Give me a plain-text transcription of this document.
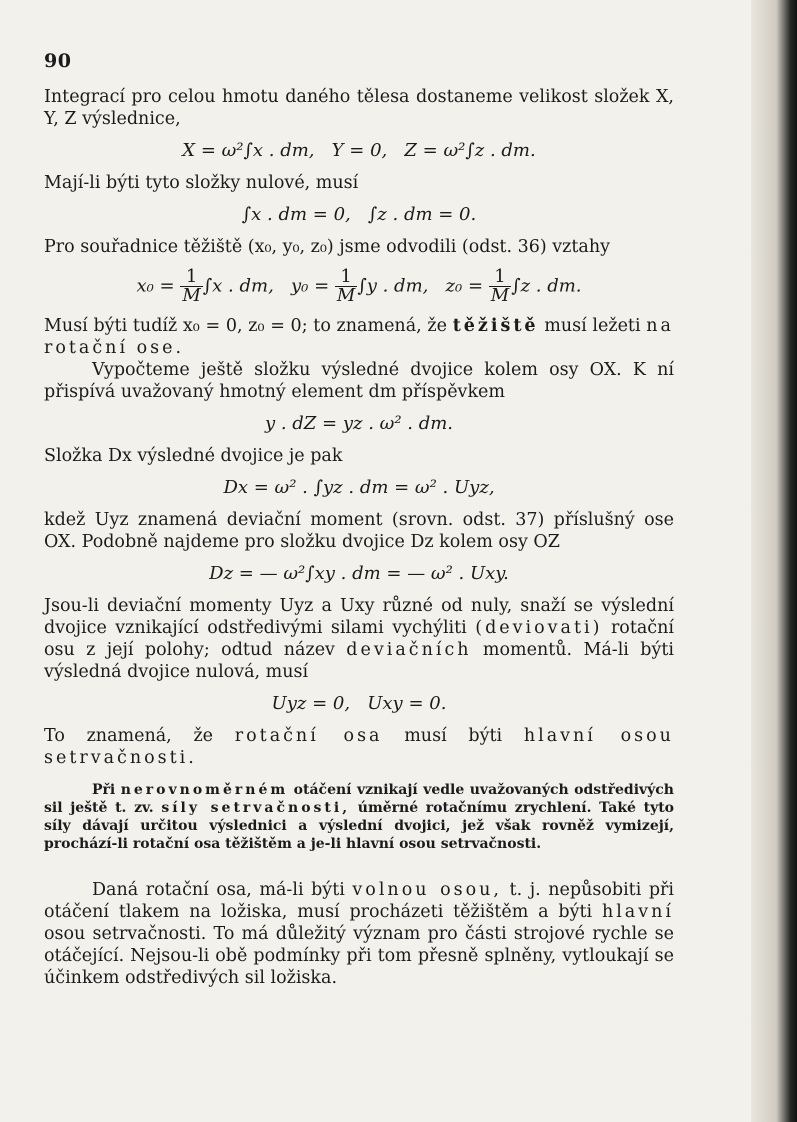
90

Integrací pro celou hmotu daného tělesa dostaneme velikost složek X, Y, Z výslednice,

X = ω²∫x . dm,   Y = 0,   Z = ω²∫z . dm.

Mají-li býti tyto složky nulové, musí

∫x . dm = 0,   ∫z . dm = 0.

Pro souřadnice těžiště (x₀, y₀, z₀) jsme odvodili (odst. 36) vztahy

$x_0 = \frac{1}{M} \int x$ . dm,   $y_0 = \frac{1}{M} \int y$ . dm,   $z_0 = \frac{1}{M} \int z$ . dm.

Musí býti tudíž x₀ = 0, z₀ = 0; to znamená, že těžiště musí ležeti na rotační ose.

Vypočteme ještě složku výsledné dvojice kolem osy OX. K ní přispívá uvažovaný hmotný element dm příspěvkem

y . dZ = yz . ω² . dm.

Složka Dx výsledné dvojice je pak

Dx = ω² . ∫yz . dm = ω² . Uyz,

kdež Uyz znamená deviační moment (srovn. odst. 37) příslušný ose OX. Podobně najdeme pro složku dvojice Dz kolem osy OZ

Dz = — ω²∫xy . dm = — ω² . Uxy.

Jsou-li deviační momenty Uyz a Uxy různé od nuly, snaží se výslední dvojice vznikající odstředivými silami vychýliti (deviovati) rotační osu z její polohy; odtud název deviačních momentů. Má-li býti výsledná dvojice nulová, musí

Uyz = 0,   Uxy = 0.

To znamená, že rotační osa musí býti hlavní osou setrvačnosti.

Při nerovnoměrném otáčení vznikají vedle uvažovaných odstředivých sil ještě t. zv. síly setrvačnosti, úměrné rotačnímu zrychlení. Také tyto síly dávají určitou výslednici a výslední dvojici, jež však rovněž vymizejí, prochází-li rotační osa těžištěm a je-li hlavní osou setrvačnosti.

Daná rotační osa, má-li býti volnou osou, t. j. nepůsobiti při otáčení tlakem na ložiska, musí procházeti těžištěm a býti hlavní osou setrvačnosti. To má důležitý význam pro části strojové rychle se otáčející. Nejsou-li obě podmínky při tom přesně splněny, vytloukají se účinkem odstředivých sil ložiska.
